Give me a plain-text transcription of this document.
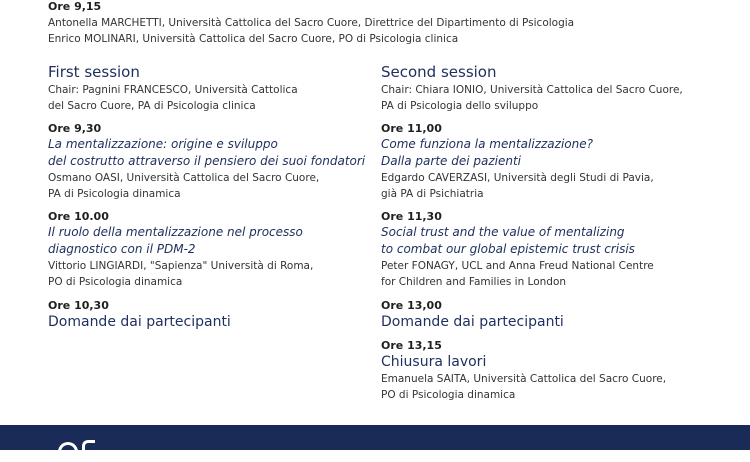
Ore 9,15
Antonella MARCHETTI, Università Cattolica del Sacro Cuore, Direttrice del Dipartimento di Psicologia
Enrico MOLINARI, Università Cattolica del Sacro Cuore, PO di Psicologia clinica
First session
Chair: Pagnini FRANCESCO, Università Cattolica
del Sacro Cuore, PA di Psicologia clinica
Ore 9,30
La mentalizzazione: origine e sviluppo
del costrutto attraverso il pensiero dei suoi fondatori
Osmano OASI, Università Cattolica del Sacro Cuore,
PA di Psicologia dinamica
Ore 10.00
Il ruolo della mentalizzazione nel processo
diagnostico con il PDM-2
Vittorio LINGIARDI, "Sapienza" Università di Roma,
PO di Psicologia dinamica
Ore 10,30
Domande dai partecipanti
Second session
Chair: Chiara IONIO, Università Cattolica del Sacro Cuore,
PA di Psicologia dello sviluppo
Ore 11,00
Come funziona la mentalizzazione?
Dalla parte dei pazienti
Edgardo CAVERZASI, Università degli Studi di Pavia,
già PA di Psichiatria
Ore 11,30
Social trust and the value of mentalizing
to combat our global epistemic trust crisis
Peter FONAGY, UCL and Anna Freud National Centre
for Children and Families in London
Ore 13,00
Domande dai partecipanti
Ore 13,15
Chiusura lavori
Emanuela SAITA, Università Cattolica del Sacro Cuore,
PO di Psicologia dinamica
